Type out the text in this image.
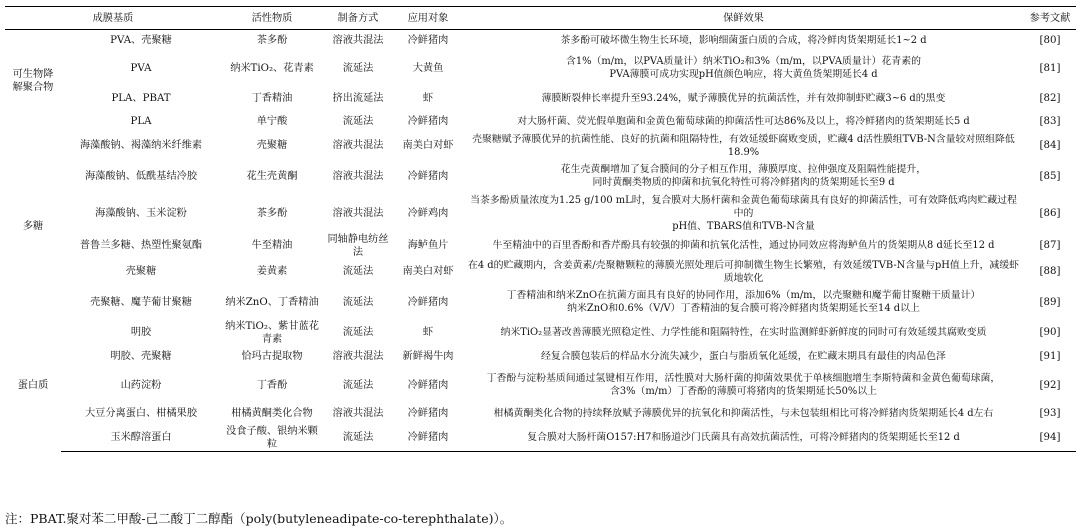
成膜基质		活性物质	制备方式	应用对象	保鲜效果	参考文献
可生物降解聚合物	PVA、壳聚糖	茶多酚	溶液共混法	冷鲜猪肉	茶多酚可破坏微生物生长环境，影响细菌蛋白质的合成，将冷鲜肉货架期延长1~2 d	[80]
	PVA	纳米TiO₂、花青素	流延法	大黄鱼	含1%（m/m，以PVA质量计）纳米TiO₂和3%（m/m，以PVA质量计）花青素的
PVA薄膜可成功实现pH值颜色响应，将大黄鱼货架期延长4 d	[81]
	PLA、PBAT	丁香精油	挤出流延法	虾	薄膜断裂伸长率提升至93.24%，赋予薄膜优异的抗菌活性，并有效抑制虾贮藏3~6 d的黑变	[82]
	PLA	单宁酸	流延法	冷鲜猪肉	对大肠杆菌、荧光假单胞菌和金黄色葡萄球菌的抑菌活性可达86%及以上，将冷鲜猪肉的货架期延长5 d	[83]
多糖	海藻酸钠、褐藻纳米纤维素	壳聚糖	溶液共混法	南美白对虾	壳聚糖赋予薄膜优异的抗菌性能、良好的抗菌和阻隔特性，有效延缓虾腐败变质，贮藏4 d活性膜组TVB-N含量较对照组降低18.9%	[84]
	海藻酸钠、低酰基结冷胶	花生壳黄酮	溶液共混法	冷鲜猪肉	花生壳黄酮增加了复合膜间的分子相互作用，薄膜厚度、拉伸强度及阻隔性能提升，
同时黄酮类物质的抑菌和抗氧化特性可将冷鲜猪肉的货架期延长至9 d	[85]
	海藻酸钠、玉米淀粉	茶多酚	溶液共混法	冷鲜鸡肉	当茶多酚质量浓度为1.25 g/100 mL时，复合膜对大肠杆菌和金黄色葡萄球菌具有良好的抑菌活性，可有效降低鸡肉贮藏过程中的
pH值、TBARS值和TVB-N含量	[86]
	普鲁兰多糖、热塑性聚氨酯	牛至精油	同轴静电纺丝法	海鲈鱼片	牛至精油中的百里香酚和香芹酚具有较强的抑菌和抗氧化活性，通过协同效应将海鲈鱼片的货架期从8 d延长至12 d	[87]
	壳聚糖	姜黄素	流延法	南美白对虾	在4 d的贮藏期内，含姜黄素/壳聚糖颗粒的薄膜光照处理后可抑制微生物生长繁殖，有效延缓TVB-N含量与pH值上升，减缓虾质地软化	[88]
	壳聚糖、魔芋葡甘聚糖	纳米ZnO、丁香精油	流延法	冷鲜猪肉	丁香精油和纳米ZnO在抗菌方面具有良好的协同作用，添加6%（m/m，以壳聚糖和魔芋葡甘聚糖干质量计）
纳米ZnO和0.6%（V/V）丁香精油的复合膜可将冷鲜猪肉货架期延长至14 d以上	[89]
蛋白质	明胶	纳米TiO₂、紫甘蓝花青素	流延法	虾	纳米TiO₂显著改善薄膜光照稳定性、力学性能和阻隔特性，在实时监测鲜虾新鲜度的同时可有效延缓其腐败变质	[90]
	明胶、壳聚糖	恰玛古提取物	溶液共混法	新鲜褐牛肉	经复合膜包装后的样品水分流失减少，蛋白与脂质氧化延缓，在贮藏末期具有最佳的肉品色泽	[91]
	山药淀粉	丁香酚	流延法	冷鲜猪肉	丁香酚与淀粉基质间通过氢键相互作用，活性膜对大肠杆菌的抑菌效果优于单核细胞增生李斯特菌和金黄色葡萄球菌，
含3%（m/m）丁香酚的薄膜可将猪肉的货架期延长50%以上	[92]
	大豆分离蛋白、柑橘果胶	柑橘黄酮类化合物	溶液共混法	冷鲜猪肉	柑橘黄酮类化合物的持续释放赋予薄膜优异的抗氧化和抑菌活性，与未包装组相比可将冷鲜猪肉货架期延长4 d左右	[93]
	玉米醇溶蛋白	没食子酸、银纳米颗粒	流延法	冷鲜猪肉	复合膜对大肠杆菌O157:H7和肠道沙门氏菌具有高效抗菌活性，可将冷鲜猪肉的货架期延长至12 d	[94]
注：PBAT.聚对苯二甲酸-己二酸丁二醇酯（poly(butyleneadipate-co-terephthalate)）。
